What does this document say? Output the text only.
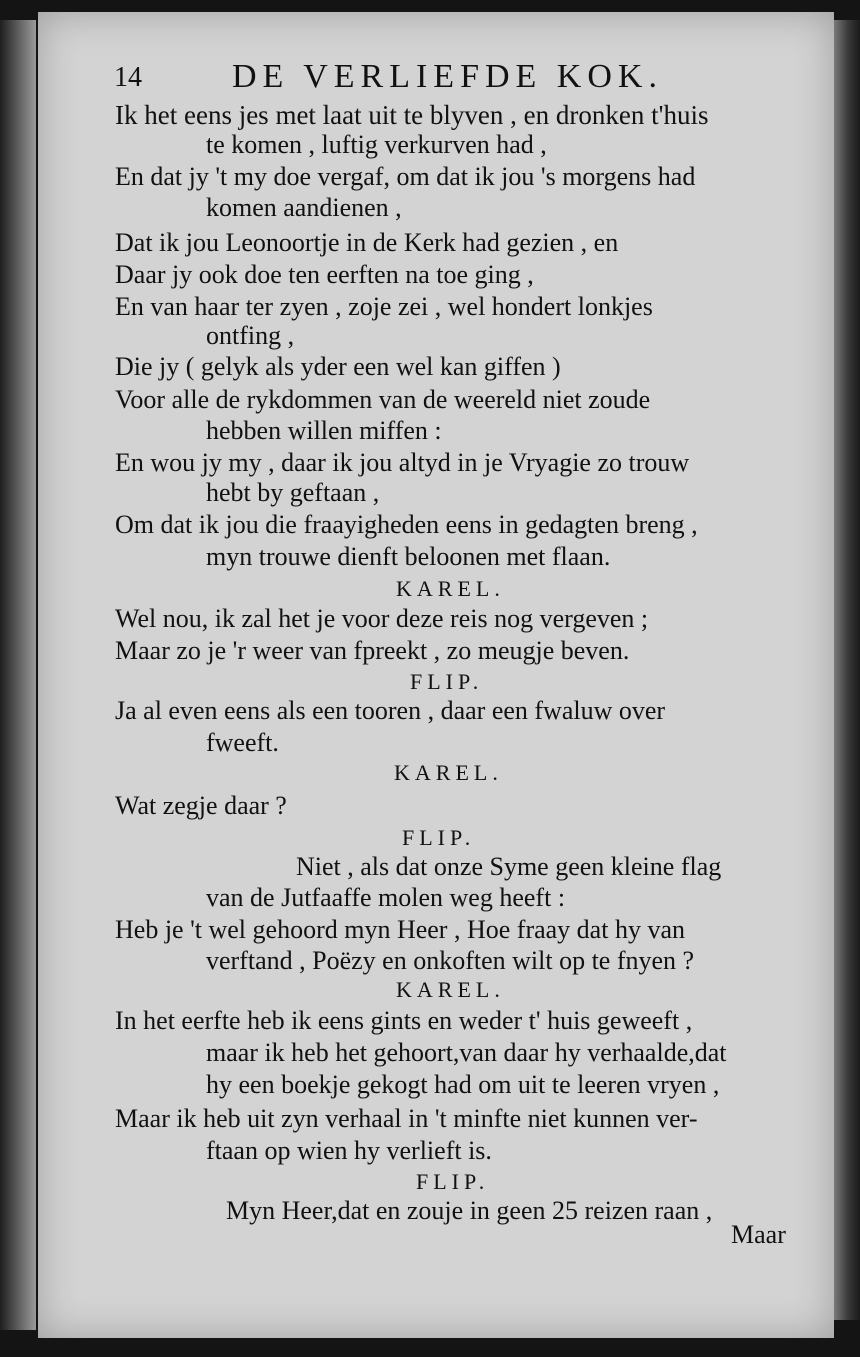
14	DE VERLIEFDE KOK.
Ik het eens jes met laat uit te blyven , en dronken t'huis
te komen , luftig verkurven had ,
En dat jy 't my doe vergaf, om dat ik jou 's morgens had
komen aandienen ,
Dat ik jou Leonoortje in de Kerk had gezien , en
Daar jy ook doe ten eerften na toe ging ,
En van haar ter zyen , zoje zei , wel hondert lonkjes
ontfing ,
Die jy ( gelyk als yder een wel kan giffen )
Voor alle de rykdommen van de weereld niet zoude
hebben willen miffen :
En wou jy my , daar ik jou altyd in je Vryagie zo trouw
hebt by geftaan ,
Om dat ik jou die fraayigheden eens in gedagten breng ,
myn trouwe dienft beloonen met flaan.
KAREL.
Wel nou, ik zal het je voor deze reis nog vergeven ;
Maar zo je 'r weer van fpreekt , zo meugje beven.
FLIP.
Ja al even eens als een tooren , daar een fwaluw over
fweeft.
KAREL.
Wat zegje daar ?
FLIP.
Niet , als dat onze Syme geen kleine flag
van de Jutfaaffe molen weg heeft :
Heb je 't wel gehoord myn Heer , Hoe fraay dat hy van
verftand , Poëzy en onkoften wilt op te fnyen ?
KAREL.
In het eerfte heb ik eens gints en weder t' huis geweeft ,
maar ik heb het gehoort,van daar hy verhaalde,dat
hy een boekje gekogt had om uit te leeren vryen ,
Maar ik heb uit zyn verhaal in 't minfte niet kunnen ver-
ftaan op wien hy verlieft is.
FLIP.
Myn Heer,dat en zouje in geen 25 reizen raan ,
Maar
